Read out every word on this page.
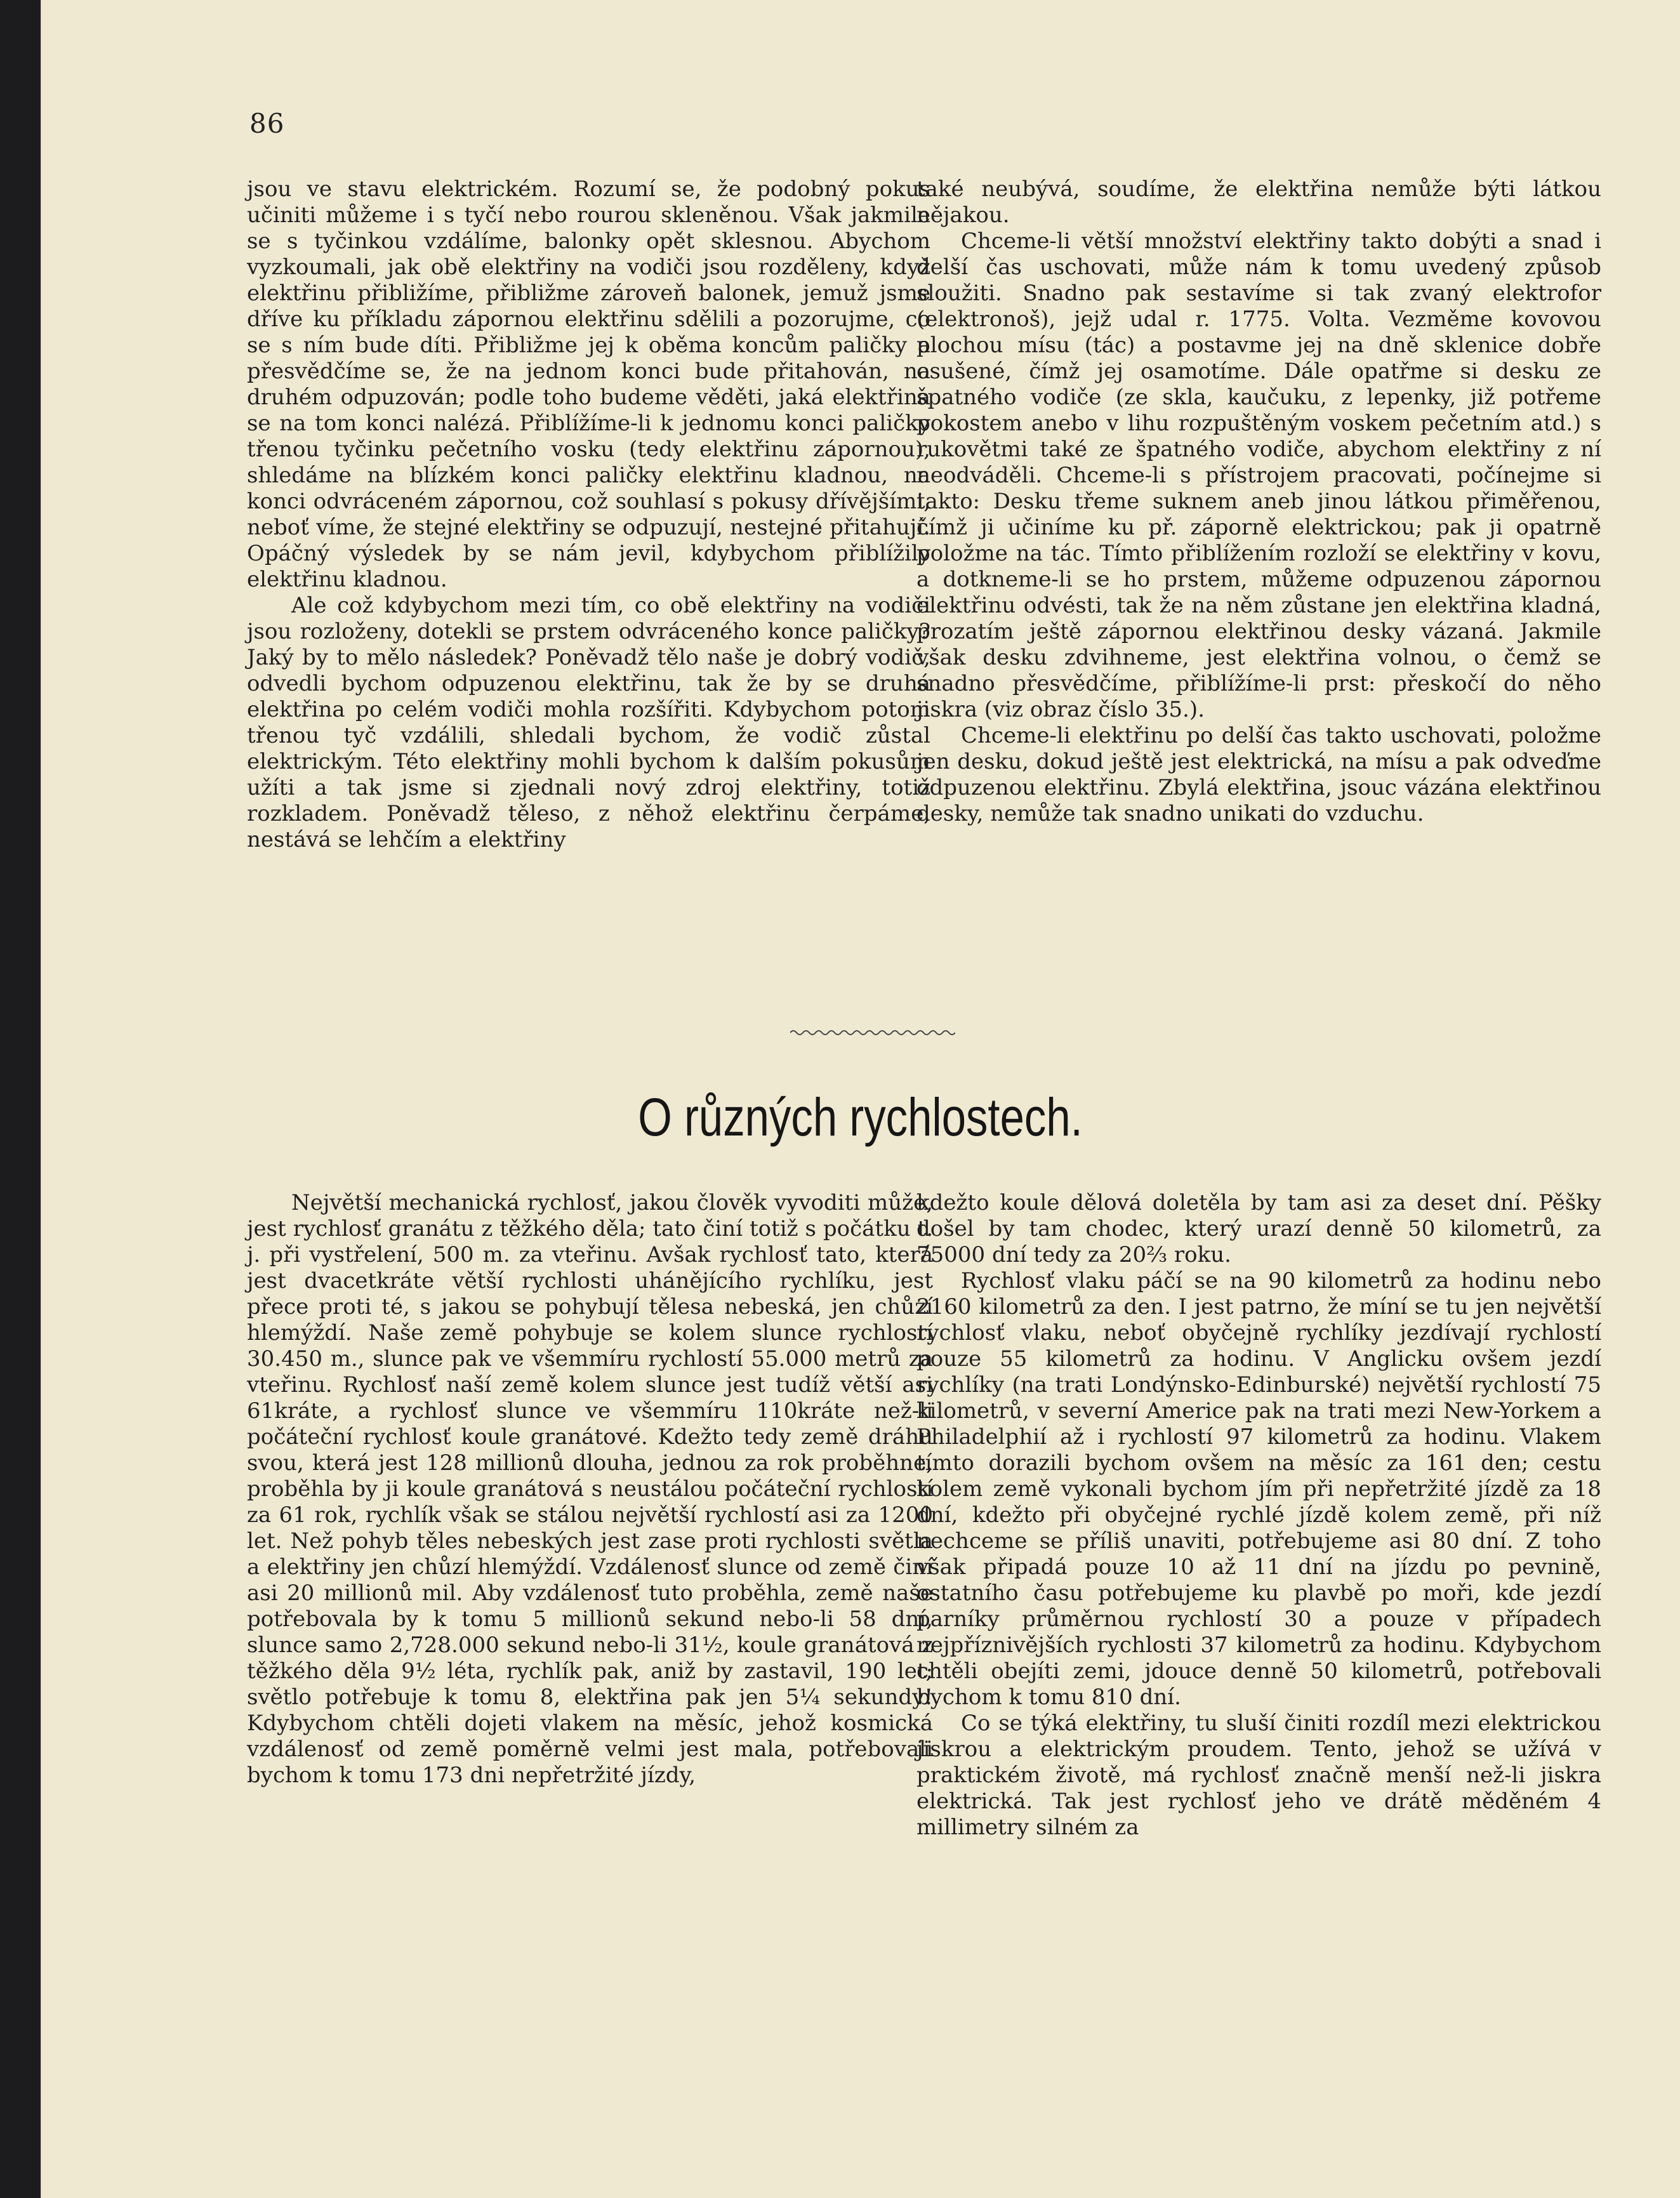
86

jsou ve stavu elektrickém. Rozumí se, že podobný pokus učiniti můžeme i s tyčí nebo rourou skleněnou. Však jakmile se s tyčinkou vzdálíme, balonky opět sklesnou. Abychom vyzkoumali, jak obě elektřiny na vodiči jsou rozděleny, když elektřinu přibližíme, přibližme zároveň balonek, jemuž jsme dříve ku příkladu zápornou elektřinu sdělili a pozorujme, co se s ním bude díti. Přibližme jej k oběma koncům paličky a přesvědčíme se, že na jednom konci bude přitahován, na druhém odpuzován; podle toho budeme věděti, jaká elektřina se na tom konci nalézá. Přiblížíme-li k jednomu konci paličky třenou tyčinku pečetního vosku (tedy elektřinu zápornou), shledáme na blízkém konci paličky elektřinu kladnou, na konci odvráceném zápornou, což souhlasí s pokusy dřívějšími, neboť víme, že stejné elektřiny se odpuzují, nestejné přitahují. Opáčný výsledek by se nám jevil, kdybychom přiblížily elektřinu kladnou.

Ale což kdybychom mezi tím, co obě elektřiny na vodiči jsou rozloženy, dotekli se prstem odvráceného konce paličky? Jaký by to mělo následek? Poněvadž tělo naše je dobrý vodič, odvedli bychom odpuzenou elektřinu, tak že by se druhá elektřina po celém vodiči mohla rozšířiti. Kdybychom potom třenou tyč vzdálili, shledali bychom, že vodič zůstal elektrickým. Této elektřiny mohli bychom k dalším pokusům užíti a tak jsme si zjednali nový zdroj elektřiny, totiž rozkladem. Poněvadž těleso, z něhož elektřinu čerpáme, nestává se lehčím a elektřiny

také neubývá, soudíme, že elektřina nemůže býti látkou nějakou.

Chceme-li větší množství elektřiny takto dobýti a snad i delší čas uschovati, může nám k tomu uvedený způsob sloužiti. Snadno pak sestavíme si tak zvaný elektrofor (elektronoš), jejž udal r. 1775. Volta. Vezměme kovovou plochou mísu (tác) a postavme jej na dně sklenice dobře osušené, čímž jej osamotíme. Dále opatřme si desku ze špatného vodiče (ze skla, kaučuku, z lepenky, již potřeme pokostem anebo v lihu rozpuštěným voskem pečetním atd.) s rukovětmi také ze špatného vodiče, abychom elektřiny z ní neodváděli. Chceme-li s přístrojem pracovati, počínejme si takto: Desku třeme suknem aneb jinou látkou přiměřenou, čímž ji učiníme ku př. záporně elektrickou; pak ji opatrně položme na tác. Tímto přiblížením rozloží se elektřiny v kovu, a dotkneme-li se ho prstem, můžeme odpuzenou zápornou elektřinu odvésti, tak že na něm zůstane jen elektřina kladná, prozatím ještě zápornou elektřinou desky vázaná. Jakmile však desku zdvihneme, jest elektřina volnou, o čemž se snadno přesvědčíme, přiblížíme-li prst: přeskočí do něho jiskra (viz obraz číslo 35.).

Chceme-li elektřinu po delší čas takto uschovati, položme jen desku, dokud ještě jest elektrická, na mísu a pak odveďme odpuzenou elektřinu. Zbylá elektřina, jsouc vázána elektřinou desky, nemůže tak snadno unikati do vzduchu.

O různých rychlostech.

Největší mechanická rychlosť, jakou člověk vyvoditi může, jest rychlosť granátu z těžkého děla; tato činí totiž s počátku t. j. při vystřelení, 500 m. za vteřinu. Avšak rychlosť tato, která jest dvacetkráte větší rychlosti uhánějícího rychlíku, jest přece proti té, s jakou se pohybují tělesa nebeská, jen chůzí hlemýždí. Naše země pohybuje se kolem slunce rychlostí 30.450 m., slunce pak ve všemmíru rychlostí 55.000 metrů za vteřinu. Rychlosť naší země kolem slunce jest tudíž větší asi 61kráte, a rychlosť slunce ve všemmíru 110kráte než-li počáteční rychlosť koule granátové. Kdežto tedy země dráhu svou, která jest 128 millionů dlouha, jednou za rok proběhne, proběhla by ji koule granátová s neustálou počáteční rychlostí za 61 rok, rychlík však se stálou největší rychlostí asi za 1200 let. Než pohyb těles nebeských jest zase proti rychlosti světla a elektřiny jen chůzí hlemýždí. Vzdálenosť slunce od země činí asi 20 millionů mil. Aby vzdálenosť tuto proběhla, země naše potřebovala by k tomu 5 millionů sekund nebo-li 58 dní, slunce samo 2,728.000 sekund nebo-li 31½, koule granátová z těžkého děla 9½ léta, rychlík pak, aniž by zastavil, 190 let; světlo potřebuje k tomu 8, elektřina pak jen 5¼ sekundy! Kdybychom chtěli dojeti vlakem na měsíc, jehož kosmická vzdálenosť od země poměrně velmi jest mala, potřebovali bychom k tomu 173 dni nepřetržité jízdy,

kdežto koule dělová doletěla by tam asi za deset dní. Pěšky došel by tam chodec, který urazí denně 50 kilometrů, za 75000 dní tedy za 20⅔ roku.

Rychlosť vlaku páčí se na 90 kilometrů za hodinu nebo 2160 kilometrů za den. I jest patrno, že míní se tu jen největší rychlosť vlaku, neboť obyčejně rychlíky jezdívají rychlostí pouze 55 kilometrů za hodinu. V Anglicku ovšem jezdí rychlíky (na trati Londýnsko-Edinburské) největší rychlostí 75 kilometrů, v severní Americe pak na trati mezi New-Yorkem a Philadelphií až i rychlostí 97 kilometrů za hodinu. Vlakem tímto dorazili bychom ovšem na měsíc za 161 den; cestu kolem země vykonali bychom jím při nepřetržité jízdě za 18 dní, kdežto při obyčejné rychlé jízdě kolem země, při níž nechceme se příliš unaviti, potřebujeme asi 80 dní. Z toho však připadá pouze 10 až 11 dní na jízdu po pevnině, ostatního času potřebujeme ku plavbě po moři, kde jezdí parníky průměrnou rychlostí 30 a pouze v případech nejpříznivějších rychlosti 37 kilometrů za hodinu. Kdybychom chtěli obejíti zemi, jdouce denně 50 kilometrů, potřebovali bychom k tomu 810 dní.

Co se týká elektřiny, tu sluší činiti rozdíl mezi elektrickou jiskrou a elektrickým proudem. Tento, jehož se užívá v praktickém životě, má rychlosť značně menší než-li jiskra elektrická. Tak jest rychlosť jeho ve drátě měděném 4 millimetry silném za
